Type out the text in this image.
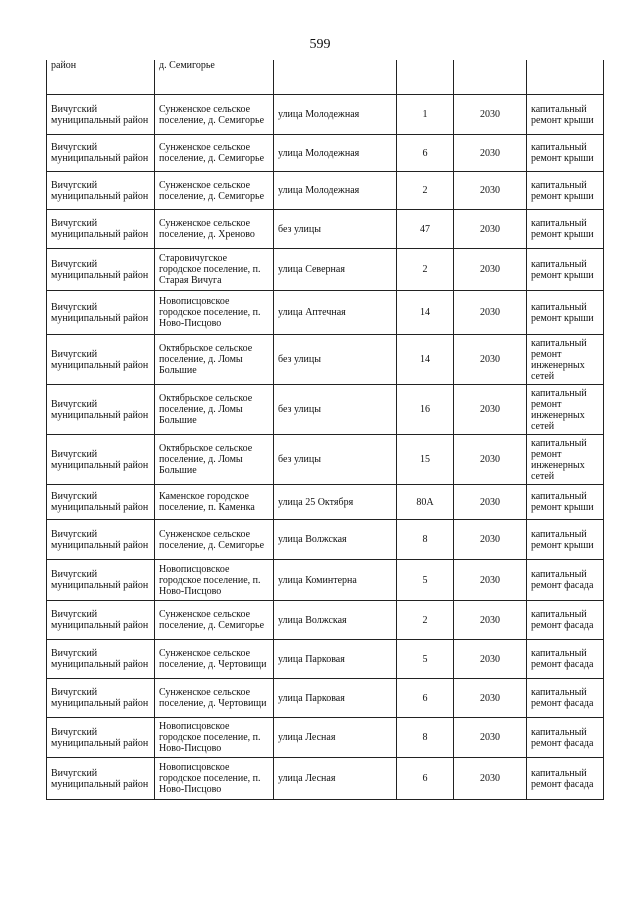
599
район	д. Семигорье				
Вичугский муниципальный район	Сунженское сельское поселение, д. Семигорье	улица Молодежная	1	2030	капитальный ремонт крыши
Вичугский муниципальный район	Сунженское сельское поселение, д. Семигорье	улица Молодежная	6	2030	капитальный ремонт крыши
Вичугский муниципальный район	Сунженское сельское поселение, д. Семигорье	улица Молодежная	2	2030	капитальный ремонт крыши
Вичугский муниципальный район	Сунженское сельское поселение, д. Хреново	без улицы	47	2030	капитальный ремонт крыши
Вичугский муниципальный район	Старовичугское городское поселение, п. Старая Вичуга	улица Северная	2	2030	капитальный ремонт крыши
Вичугский муниципальный район	Новописцовское городское поселение, п. Ново-Писцово	улица Аптечная	14	2030	капитальный ремонт крыши
Вичугский муниципальный район	Октябрьское сельское поселение, д. Ломы Большие	без улицы	14	2030	капитальный ремонт инженерных сетей
Вичугский муниципальный район	Октябрьское сельское поселение, д. Ломы Большие	без улицы	16	2030	капитальный ремонт инженерных сетей
Вичугский муниципальный район	Октябрьское сельское поселение, д. Ломы Большие	без улицы	15	2030	капитальный ремонт инженерных сетей
Вичугский муниципальный район	Каменское городское поселение, п. Каменка	улица 25 Октября	80А	2030	капитальный ремонт крыши
Вичугский муниципальный район	Сунженское сельское поселение, д. Семигорье	улица Волжская	8	2030	капитальный ремонт крыши
Вичугский муниципальный район	Новописцовское городское поселение, п. Ново-Писцово	улица Коминтерна	5	2030	капитальный ремонт фасада
Вичугский муниципальный район	Сунженское сельское поселение, д. Семигорье	улица Волжская	2	2030	капитальный ремонт фасада
Вичугский муниципальный район	Сунженское сельское поселение, д. Чертовищи	улица Парковая	5	2030	капитальный ремонт фасада
Вичугский муниципальный район	Сунженское сельское поселение, д. Чертовищи	улица Парковая	6	2030	капитальный ремонт фасада
Вичугский муниципальный район	Новописцовское городское поселение, п. Ново-Писцово	улица Лесная	8	2030	капитальный ремонт фасада
Вичугский муниципальный район	Новописцовское городское поселение, п. Ново-Писцово	улица Лесная	6	2030	капитальный ремонт фасада
